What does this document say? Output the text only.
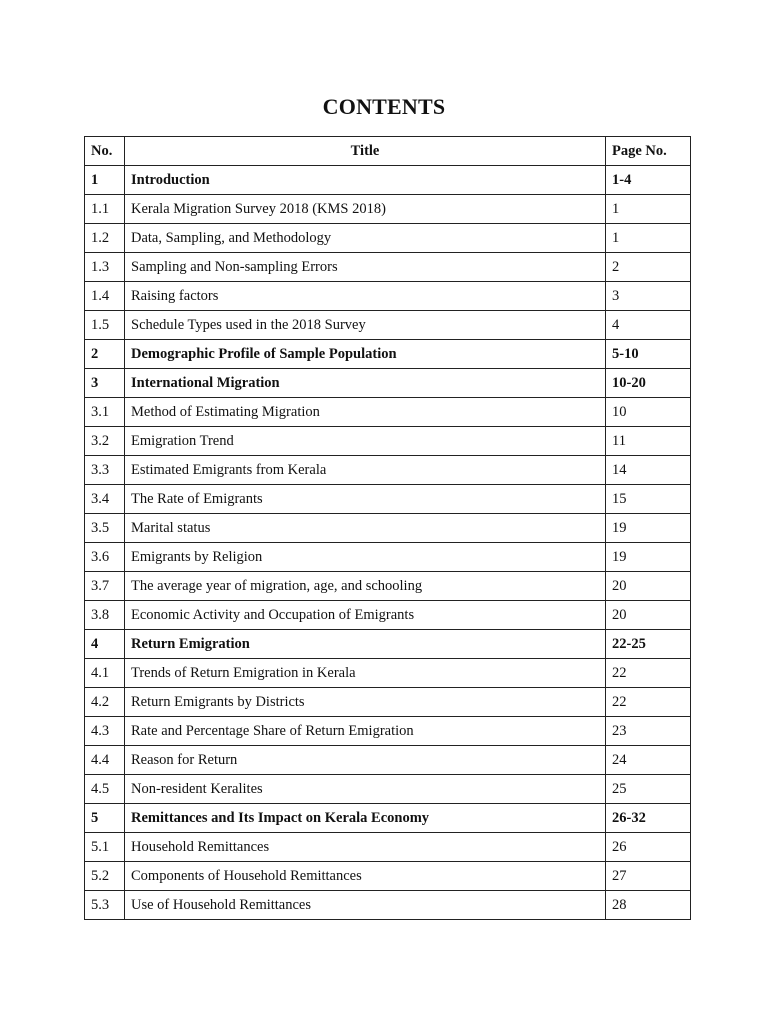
CONTENTS
No.	Title	Page No.
1	Introduction	1-4
1.1	Kerala Migration Survey 2018 (KMS 2018)	1
1.2	Data, Sampling, and Methodology	1
1.3	Sampling and Non-sampling Errors	2
1.4	Raising factors	3
1.5	Schedule Types used in the 2018 Survey	4
2	Demographic Profile of Sample Population	5-10
3	International Migration	10-20
3.1	Method of Estimating Migration	10
3.2	Emigration Trend	11
3.3	Estimated Emigrants from Kerala	14
3.4	The Rate of Emigrants	15
3.5	Marital status	19
3.6	Emigrants by Religion	19
3.7	The average year of migration, age, and schooling	20
3.8	Economic Activity and Occupation of Emigrants	20
4	Return Emigration	22-25
4.1	Trends of Return Emigration in Kerala	22
4.2	Return Emigrants by Districts	22
4.3	Rate and Percentage Share of Return Emigration	23
4.4	Reason for Return	24
4.5	Non-resident Keralites	25
5	Remittances and Its Impact on Kerala Economy	26-32
5.1	Household Remittances	26
5.2	Components of Household Remittances	27
5.3	Use of Household Remittances	28
